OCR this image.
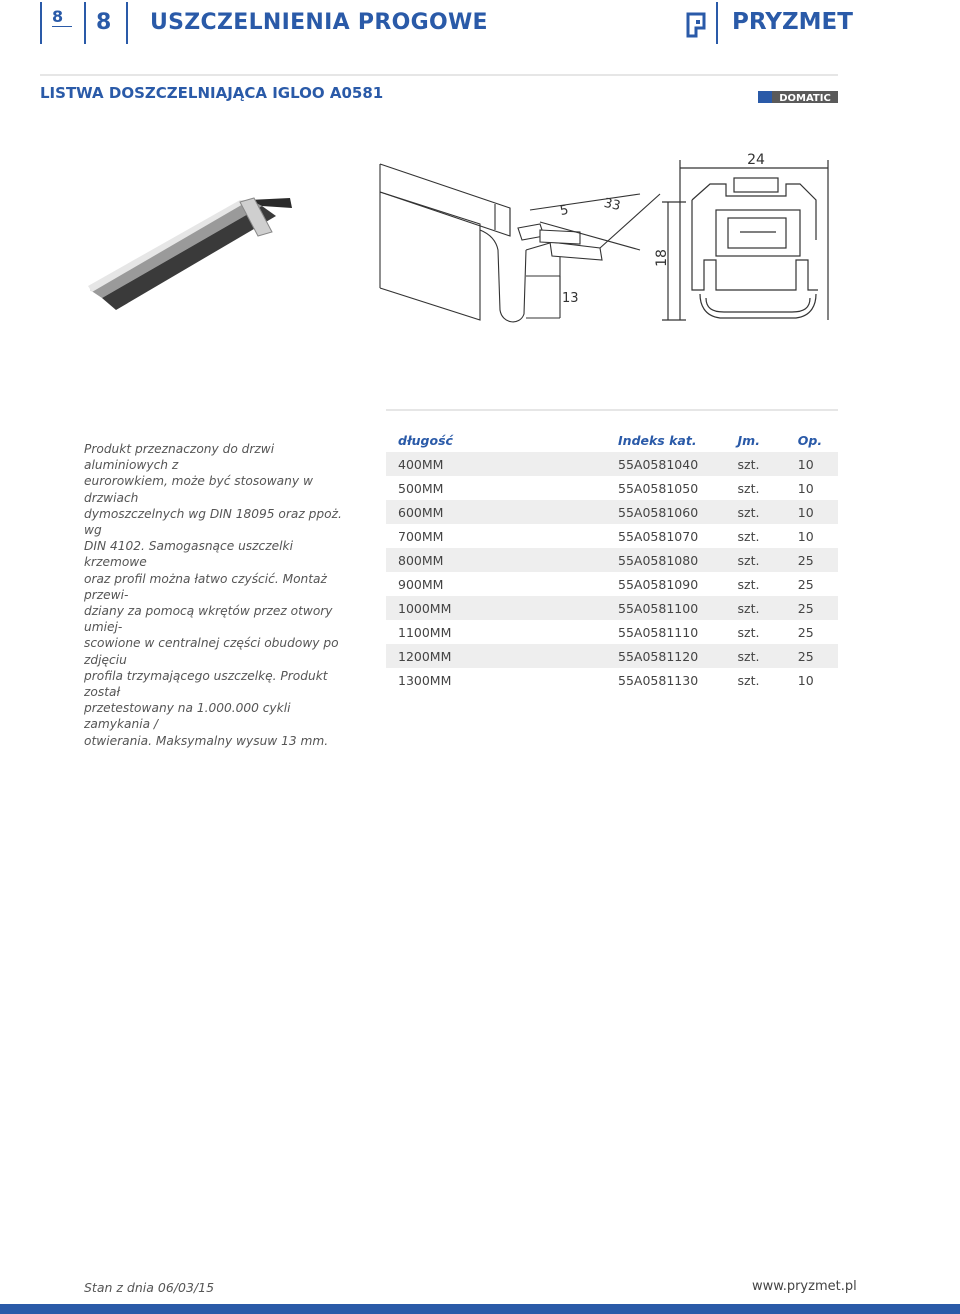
8	8 USZCZELNIENIA PROGOWE	PRYZMET
LISTWA DOSZCZELNIAJĄCA IGLOO A0581	DOMATIC
5	33
13
24
18

Produkt przeznaczony do drzwi aluminiowych z

eurorowkiem, może być stosowany w drzwiach

dymoszczelnych wg DIN 18095 oraz ppoż. wg

DIN 4102. Samogasnące uszczelki krzemowe

oraz profil można łatwo czyścić. Montaż przewi-

dziany za pomocą wkrętów przez otwory umiej-

scowione w centralnej części obudowy po zdjęciu

profila trzymającego uszczelkę. Produkt został

przetestowany na 1.000.000 cykli zamykania /

otwierania. Maksymalny wysuw 13 mm.

długość	Indeks kat.	Jm.	Op.
400MM	55A0581040	szt.	10
500MM	55A0581050	szt.	10
600MM	55A0581060	szt.	10
700MM	55A0581070	szt.	10
800MM	55A0581080	szt.	25
900MM	55A0581090	szt.	25
1000MM	55A0581100	szt.	25
1100MM	55A0581110	szt.	25
1200MM	55A0581120	szt.	25
1300MM	55A0581130	szt.	10
Stan z dnia 06/03/15	www.pryzmet.pl
